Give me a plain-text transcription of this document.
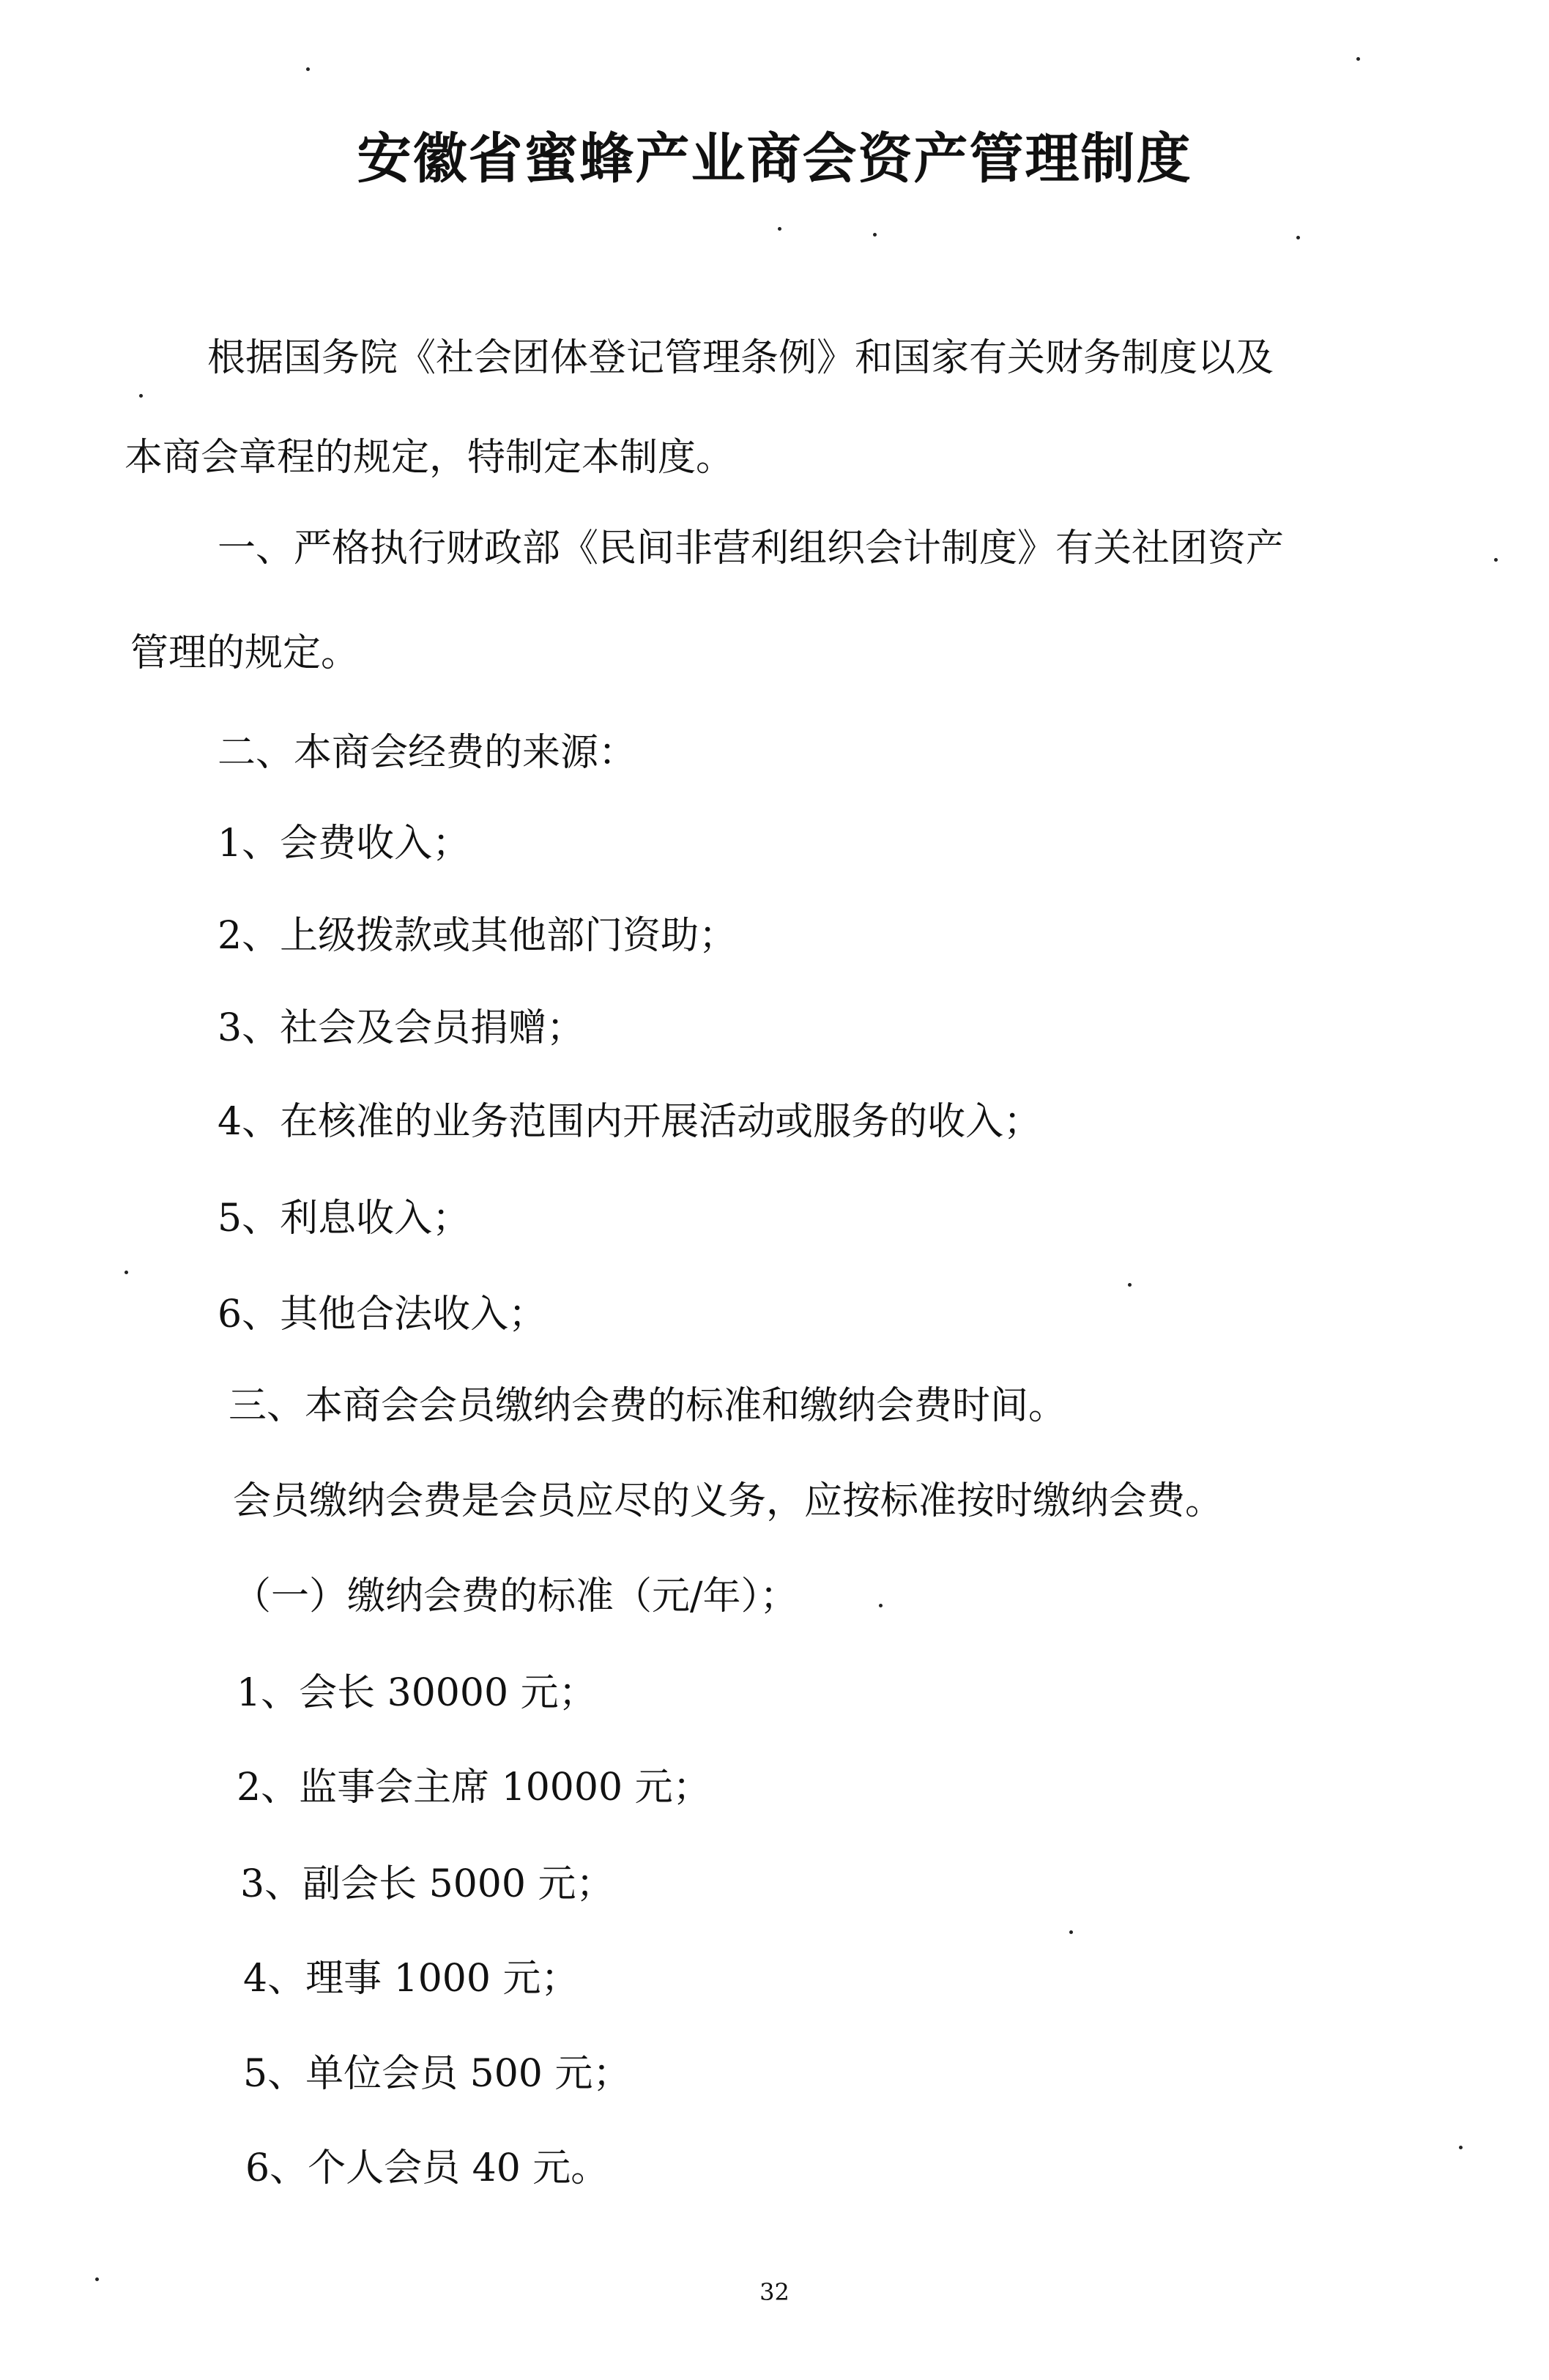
安徽省蜜蜂产业商会资产管理制度
根据国务院《社会团体登记管理条例》和国家有关财务制度以及
本商会章程的规定，特制定本制度。
一、严格执行财政部《民间非营利组织会计制度》有关社团资产
管理的规定。
二、本商会经费的来源：
1、会费收入；
2、上级拨款或其他部门资助；
3、社会及会员捐赠；
4、在核准的业务范围内开展活动或服务的收入；
5、利息收入；
6、其他合法收入；
三、本商会会员缴纳会费的标准和缴纳会费时间。
会员缴纳会费是会员应尽的义务，应按标准按时缴纳会费。
（一）缴纳会费的标准（元/年）；
1、会长 30000 元；
2、监事会主席 10000 元；
3、副会长 5000 元；
4、理事 1000 元；
5、单位会员 500 元；
6、个人会员 40 元。
32
